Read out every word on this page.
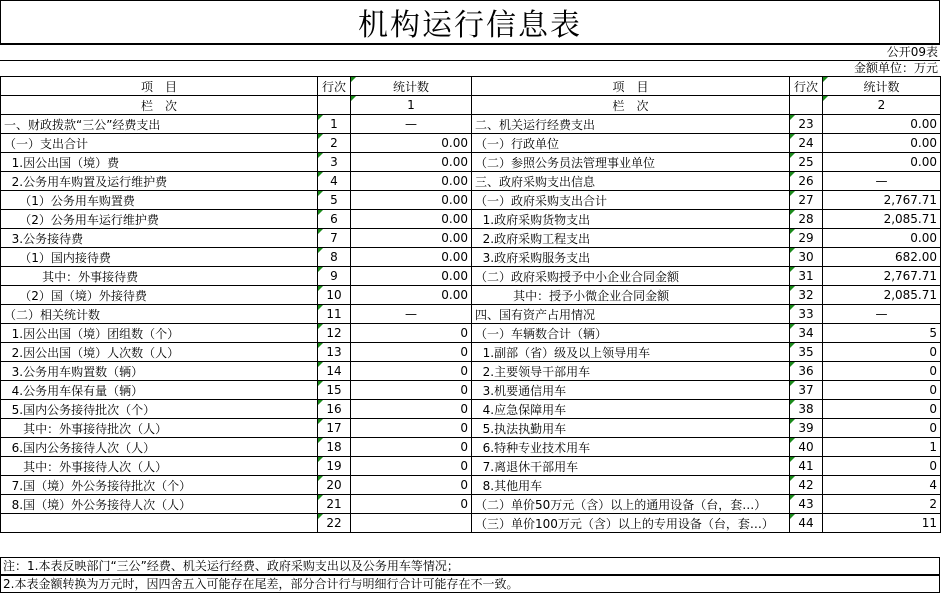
机构运行信息表
公开09表
金额单位：万元
项　目	行次	统计数	项　目	行次	统计数
栏　次		1	栏　次		2
一、财政拨款“三公”经费支出	1	—	二、机关运行经费支出	23	0.00
（一）支出合计	2	0.00	（一）行政单位	24	0.00
1.因公出国（境）费	3	0.00	（二）参照公务员法管理事业单位	25	0.00
2.公务用车购置及运行维护费	4	0.00	三、政府采购支出信息	26	—
（1）公务用车购置费	5	0.00	（一）政府采购支出合计	27	2,767.71
（2）公务用车运行维护费	6	0.00	1.政府采购货物支出	28	2,085.71
3.公务接待费	7	0.00	2.政府采购工程支出	29	0.00
（1）国内接待费	8	0.00	3.政府采购服务支出	30	682.00
其中：外事接待费	9	0.00	（二）政府采购授予中小企业合同金额	31	2,767.71
（2）国（境）外接待费	10	0.00	其中：授予小微企业合同金额	32	2,085.71
（二）相关统计数	11	—	四、国有资产占用情况	33	—
1.因公出国（境）团组数（个）	12	0	（一）车辆数合计（辆）	34	5
2.因公出国（境）人次数（人）	13	0	1.副部（省）级及以上领导用车	35	0
3.公务用车购置数（辆）	14	0	2.主要领导干部用车	36	0
4.公务用车保有量（辆）	15	0	3.机要通信用车	37	0
5.国内公务接待批次（个）	16	0	4.应急保障用车	38	0
其中：外事接待批次（人）	17	0	5.执法执勤用车	39	0
6.国内公务接待人次（人）	18	0	6.特种专业技术用车	40	1
其中：外事接待人次（人）	19	0	7.离退休干部用车	41	0
7.国（境）外公务接待批次（个）	20	0	8.其他用车	42	4
8.国（境）外公务接待人次（人）	21	0	（二）单价50万元（含）以上的通用设备（台，套…）	43	2
	22		（三）单价100万元（含）以上的专用设备（台，套…）	44	11
注：1.本表反映部门“三公”经费、机关运行经费、政府采购支出以及公务用车等情况；
2.本表金额转换为万元时，因四舍五入可能存在尾差，部分合计行与明细行合计可能存在不一致。
